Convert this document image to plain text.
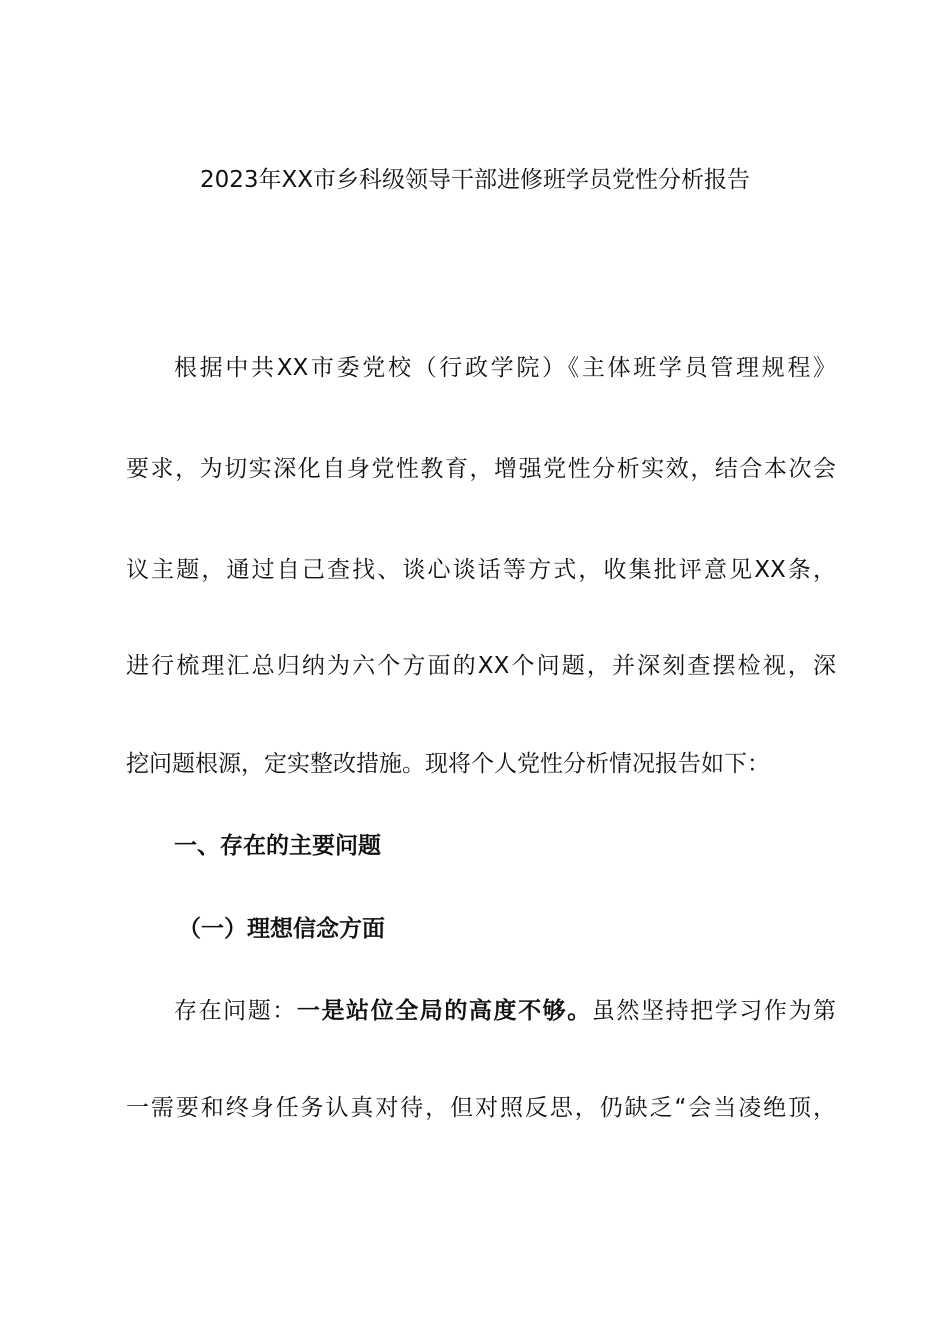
2023年XX市乡科级领导干部进修班学员党性分析报告
根据中共XX市委党校（行政学院）《主体班学员管理规程》
要求，为切实深化自身党性教育，增强党性分析实效，结合本次会
议主题，通过自己查找、谈心谈话等方式，收集批评意见XX条，
进行梳理汇总归纳为六个方面的XX个问题，并深刻查摆检视，深
挖问题根源，定实整改措施。现将个人党性分析情况报告如下：
一、存在的主要问题
（一）理想信念方面
存在问题：一是站位全局的高度不够。虽然坚持把学习作为第
一需要和终身任务认真对待，但对照反思，仍缺乏“会当凌绝顶，
